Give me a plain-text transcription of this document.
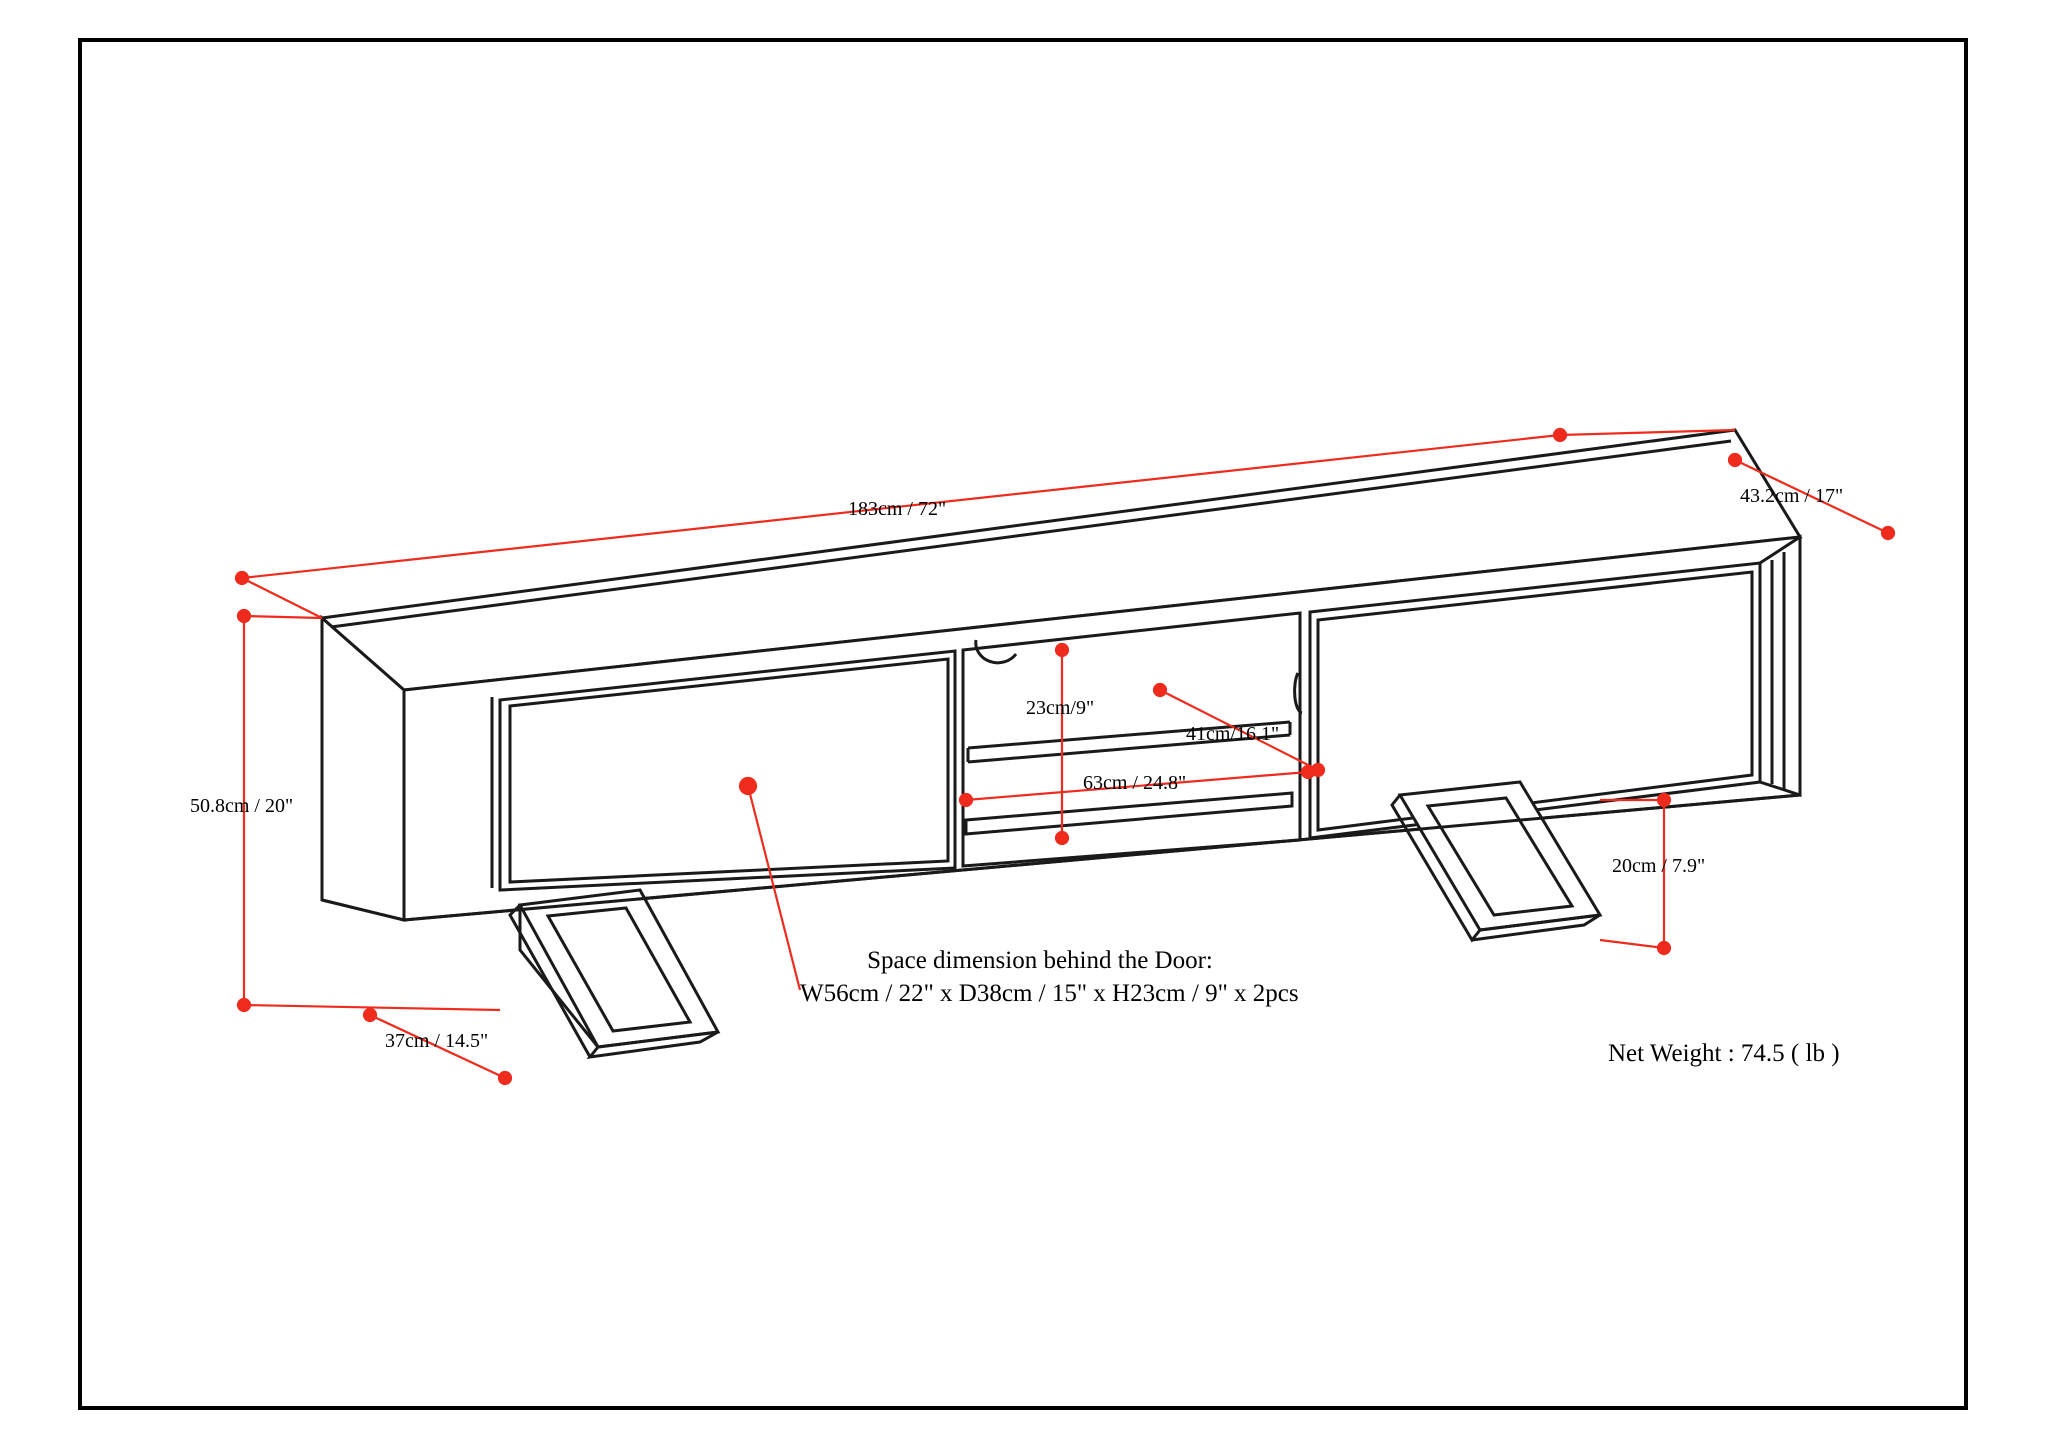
183cm / 72"
43.2cm / 17"
50.8cm / 20"
23cm/9"
41cm/16.1"
63cm / 24.8"
20cm / 7.9"
37cm / 14.5"
Space dimension behind the Door:
W56cm / 22" x D38cm / 15" x H23cm / 9" x 2pcs
Net Weight : 74.5 ( lb )
